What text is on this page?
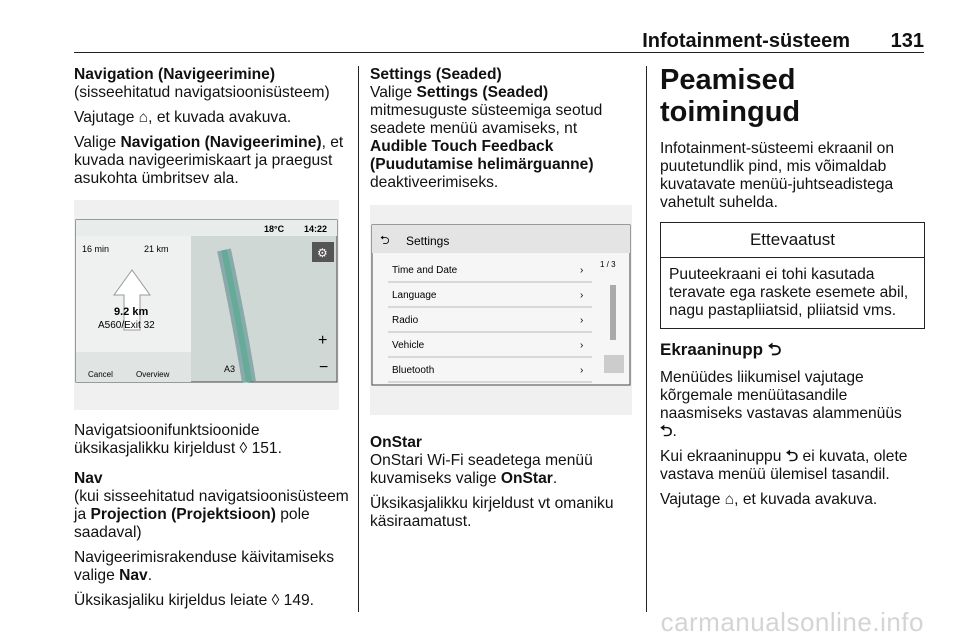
Infotainment-süsteem 131

Navigation (Navigeerimine)
(sisseehitatud navigatsioonisüsteem)

Vajutage ⌂, et kuvada avakuva.

Valige Navigation (Navigeerimine), et kuvada navigeerimiskaart ja praegust asukohta ümbritsev ala.

18°C 14:22
16 min	21 km
9.2 km
A560/Exit 32
Cancel	Overview
⚙
+
−
A3

Navigatsioonifunktsioonide üksikasjalikku kirjeldust ◊ 151.

Nav
(kui sisseehitatud navigatsioonisüsteem ja Projection (Projektsioon) pole saadaval)

Navigeerimisrakenduse käivitamiseks valige Nav.

Üksikasjaliku kirjeldus leiate ◊ 149.

Settings (Seaded)
Valige Settings (Seaded) mitmesuguste süsteemiga seotud seadete menüü avamiseks, nt Audible Touch Feedback (Puudutamise helimärguanne) deaktiveerimiseks.

⮌ Settings
1 / 3
Time and Date	›
Language	›
Radio	›
Vehicle	›
Bluetooth	›

OnStar
OnStari Wi-Fi seadetega menüü kuvamiseks valige OnStar.

Üksikasjalikku kirjeldust vt omaniku käsiraamatust.

Peamised toimingud

Infotainment-süsteemi ekraanil on puutetundlik pind, mis võimaldab kuvatavate menüü-juhtseadistega vahetult suhelda.

Ettevaatust
Puuteekraani ei tohi kasutada teravate ega raskete esemete abil, nagu pastapliiatsid, pliiatsid vms.
Ekraaninupp ⮌

Menüüdes liikumisel vajutage kõrgemale menüütasandile naasmiseks vastavas alammenüüs
⮌.

Kui ekraaninuppu ⮌ ei kuvata, olete vastava menüü ülemisel tasandil.

Vajutage ⌂, et kuvada avakuva.

carmanualsonline.info
